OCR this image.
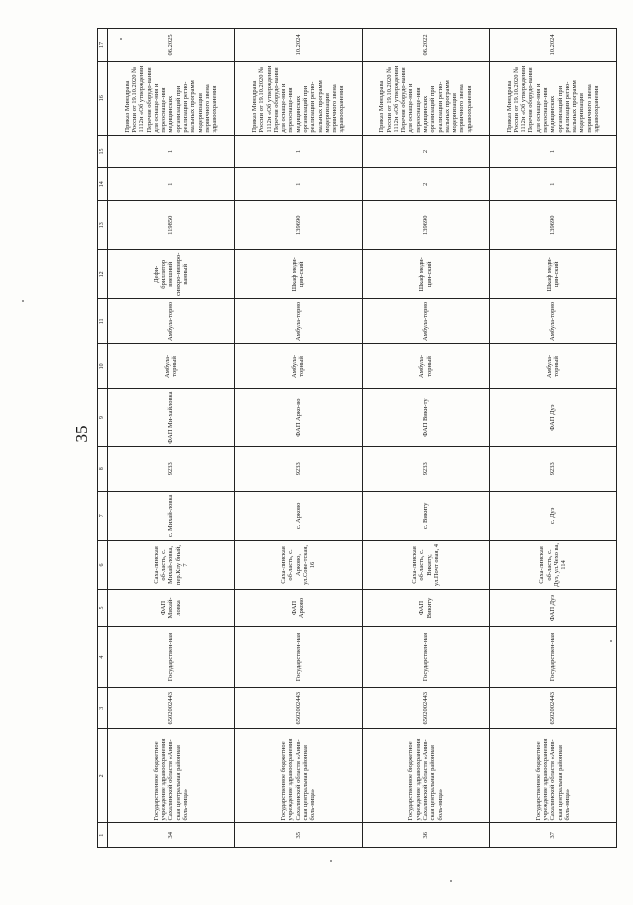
35
1	2	3	4	5	6	7	8	9	10	11	12	13	14	15	16	17
34	Государственное бюджетное учреждение здравоохранения Сахалинской области «Анив-ская центральная районная боль-ница»	6502002443	Государствен-ная	ФАП Михай-ловка	Саха-линская об-ласть, с. Михай-ловка, пер.Клу бный, 7	с. Михай-ловка	9233	ФАП Ми-хайловка	Амбула-торный	Амбула-торно	Дефи-бриллятор внешний синхро-низиро-ванный	119850	1	1	Приказ Минздрава России от 19.10.2020 № 1112н «Об утверждении Перечня оборудо-вания для оснаще-ния и переоснаще-ния медицинских организаций при реализации регио-нальных программ модернизации первичного звена здравоохранения	06.2025
35	Государственное бюджетное учреждение здравоохранения Сахалинской области «Анив-ская центральная районная боль-ница»	6502002443	Государствен-ная	ФАП Арково	Саха-линская об-ласть, с. Арково, ул.Сове-тская, 16	с. Арково	9233	ФАП Арко-во	Амбула-торный	Амбула-торно	Шкаф меди-цин-ский	139690	1	1	Приказ Минздрава России от 19.10.2020 № 1112н «Об утверждении Перечня оборудо-вания для оснаще-ния и переоснаще-ния медицинских организаций при реализации регио-нальных программ модернизации первичного звена здравоохранения	10.2024
36	Государственное бюджетное учреждение здравоохранения Сахалинской области «Анив-ская центральная районная боль-ница»	6502002443	Государствен-ная	ФАП Викиту	Саха-линская об-ласть, с. Викиту, ул.Почт овая, 4	с. Викиту	9233	ФАП Вики-ту	Амбула-торный	Амбула-торно	Шкаф меди-цин-ский	139690	2	2	Приказ Минздрава России от 19.10.2020 № 1112н «Об утверждении Перечня оборудо-вания для оснаще-ния и переоснаще-ния медицинских организаций при реализации регио-нальных программ модернизации первичного звена здравоохранения	06.2022
37	Государственное бюджетное учреждение здравоохранения Сахалинской области «Анив-ская центральная районная боль-ница»	6502002443	Государствен-ная	ФАП Дуэ	Саха-линская об-ласть, с. Дуэ, ул.Чехо ва, 114	с. Дуэ	9233	ФАП Дуэ	Амбула-торный	Амбула-торно	Шкаф меди-цин-ский	139690	1	1	Приказ Минздрава России от 19.10.2020 № 1112н «Об утверждении Перечня оборудо-вания для оснаще-ния и переоснаще-ния медицинских организаций при реализации регио-нальных программ модернизации первичного звена здравоохранения	10.2024
